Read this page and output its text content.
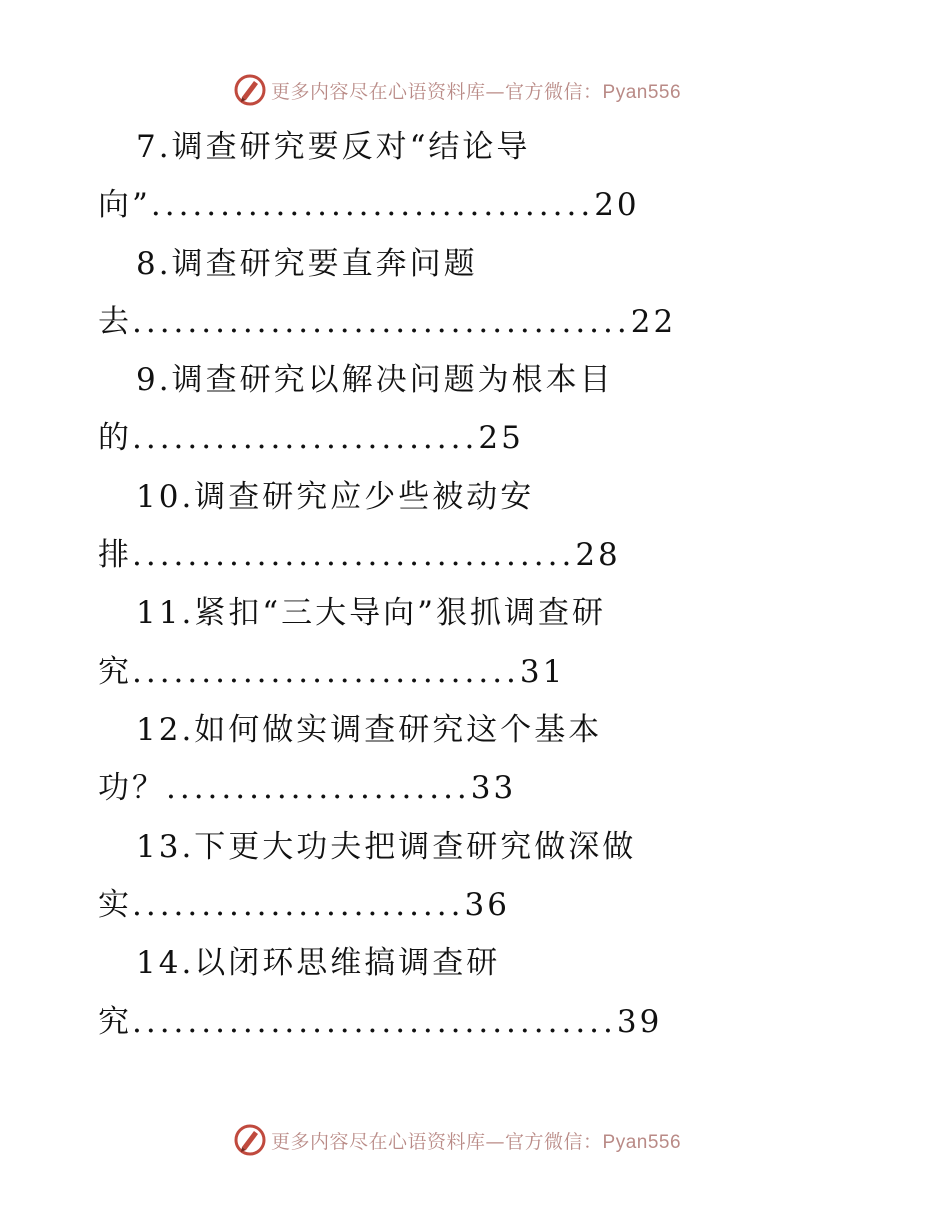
更多内容尽在心语资料库—官方微信：Pyan556
7.调查研究要反对“结论导
向”................................20
8.调查研究要直奔问题
去....................................22
9.调查研究以解决问题为根本目
的.........................25
10.调查研究应少些被动安
排................................28
11.紧扣“三大导向”狠抓调查研
究............................31
12.如何做实调查研究这个基本
功？......................33
13.下更大功夫把调查研究做深做
实........................36
14.以闭环思维搞调查研
究...................................39
更多内容尽在心语资料库—官方微信：Pyan556
